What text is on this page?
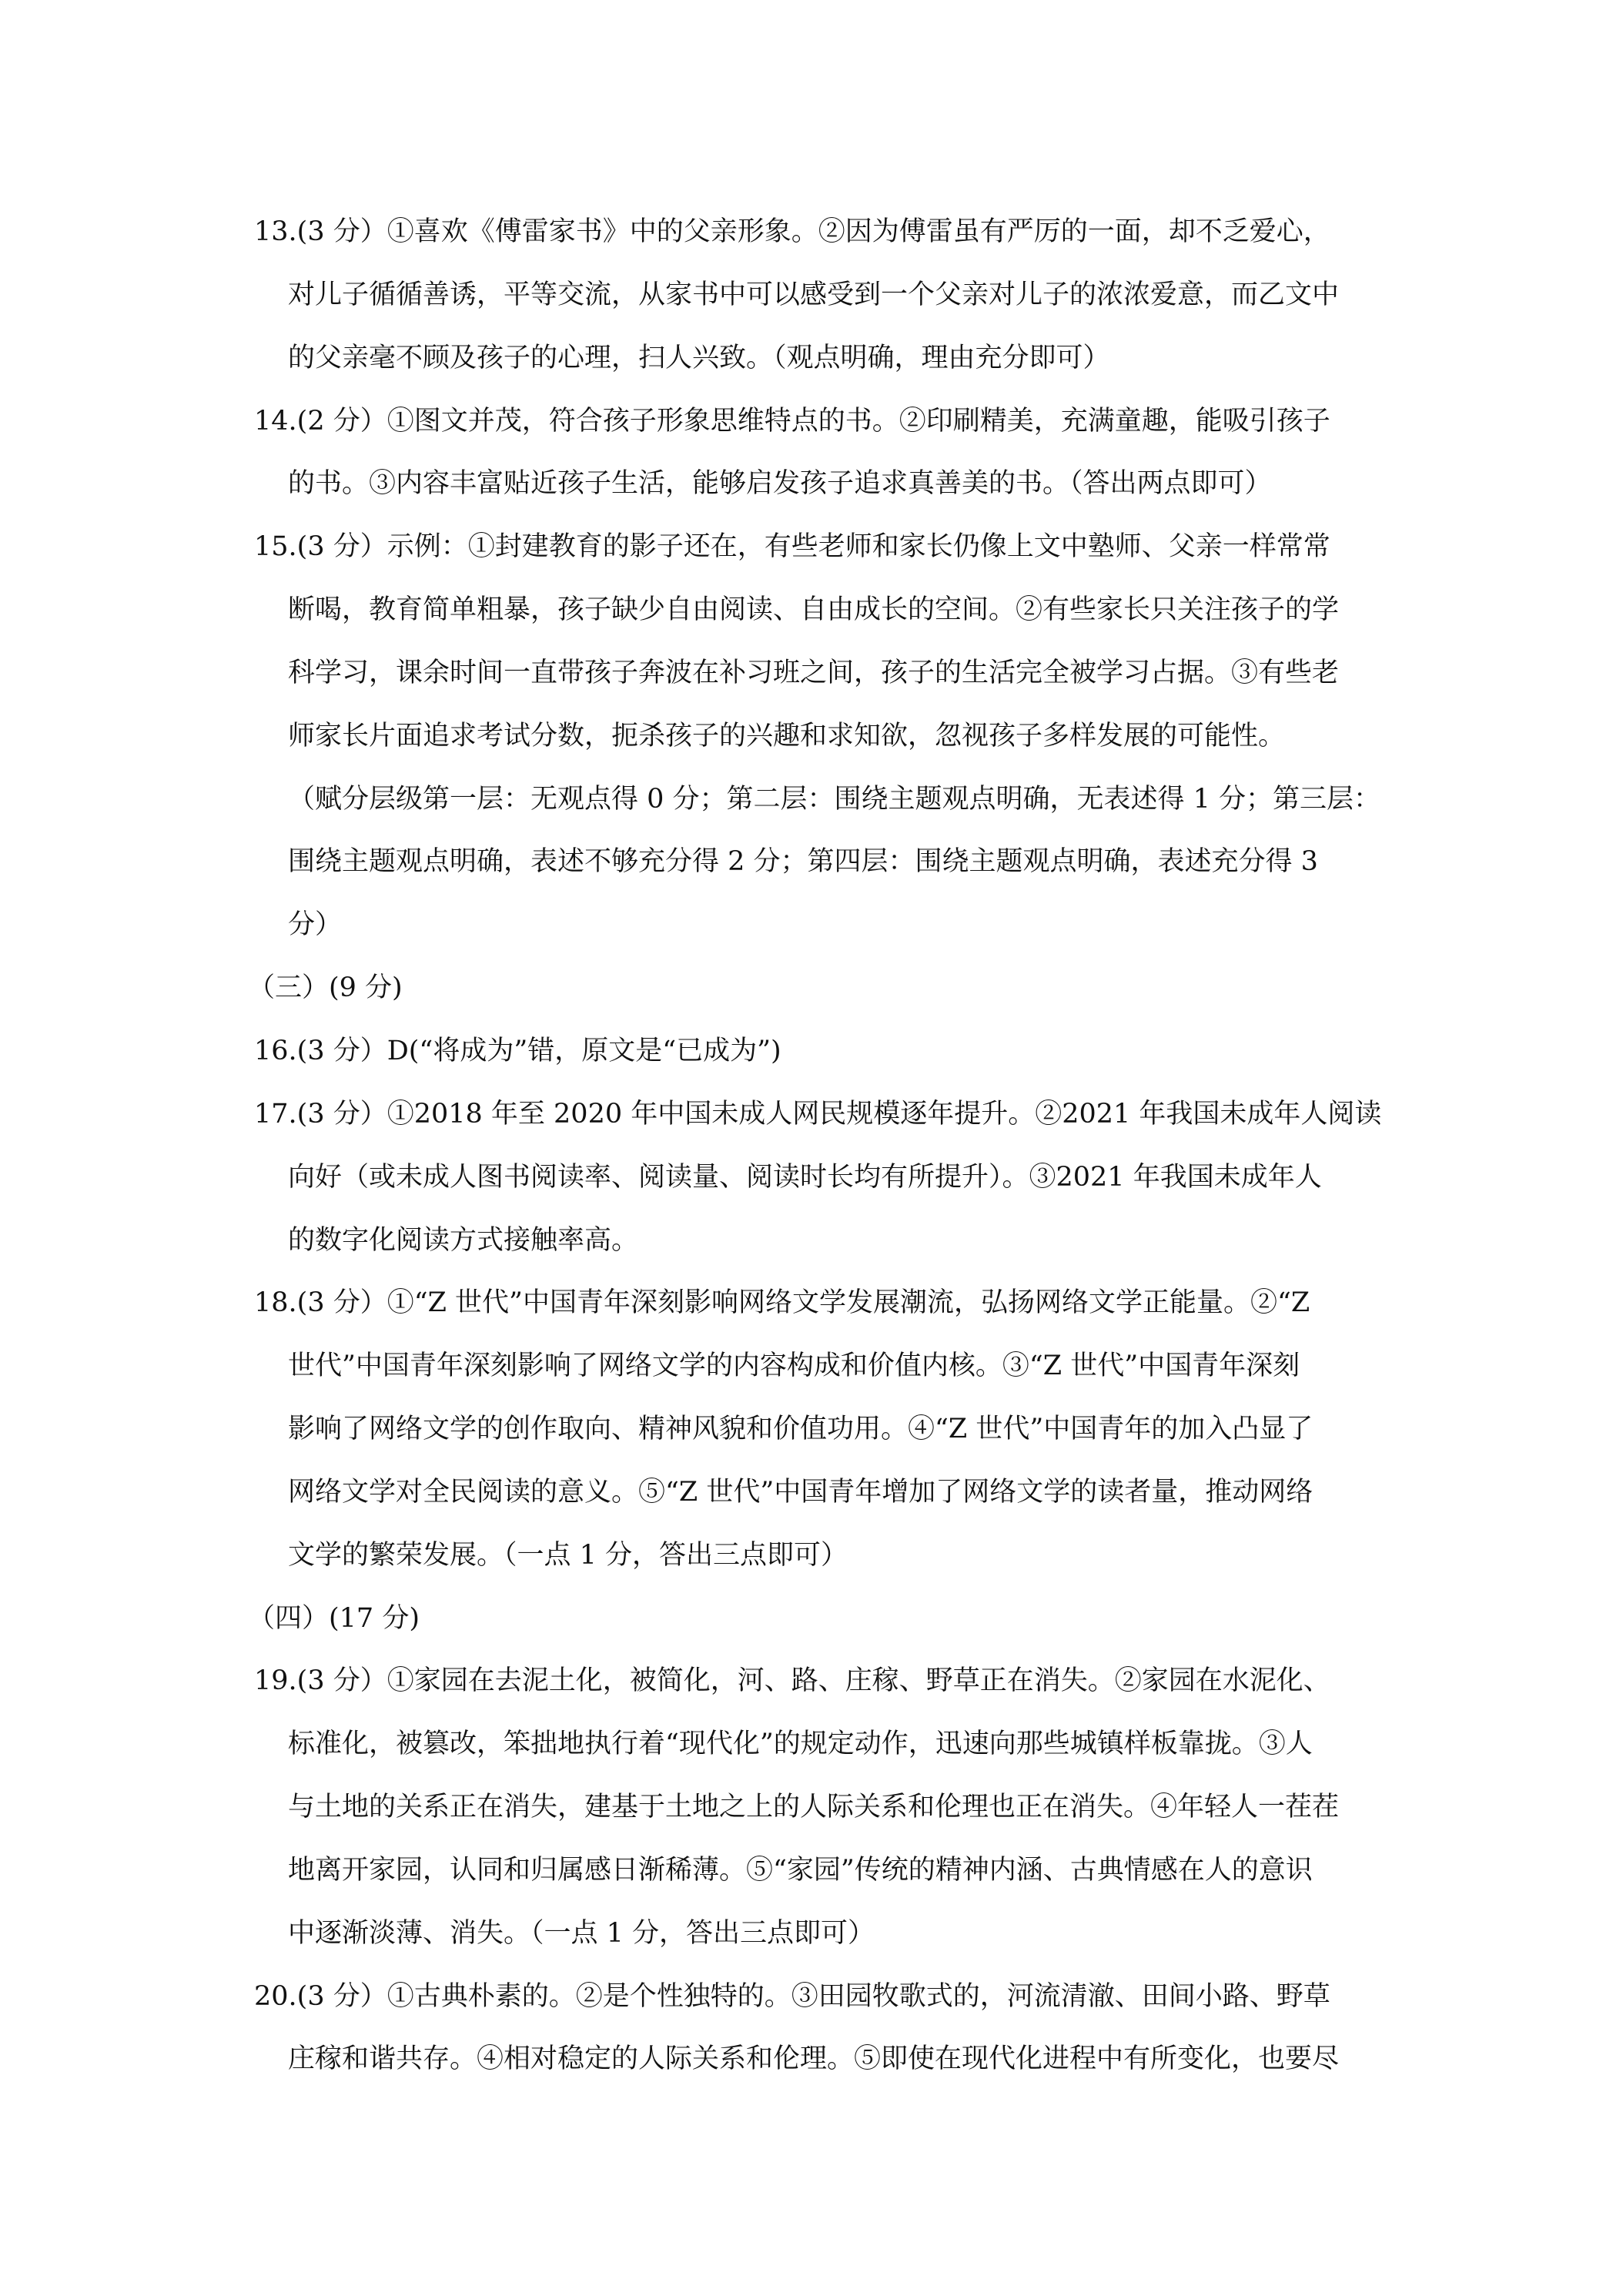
13.(3 分）①喜欢《傅雷家书》中的父亲形象。②因为傅雷虽有严厉的一面，却不乏爱心，
对儿子循循善诱，平等交流，从家书中可以感受到一个父亲对儿子的浓浓爱意，而乙文中
的父亲毫不顾及孩子的心理，扫人兴致。（观点明确，理由充分即可）
14.(2 分）①图文并茂，符合孩子形象思维特点的书。②印刷精美，充满童趣，能吸引孩子
的书。③内容丰富贴近孩子生活，能够启发孩子追求真善美的书。（答出两点即可）
15.(3 分）示例：①封建教育的影子还在，有些老师和家长仍像上文中塾师、父亲一样常常
断喝，教育简单粗暴，孩子缺少自由阅读、自由成长的空间。②有些家长只关注孩子的学
科学习，课余时间一直带孩子奔波在补习班之间，孩子的生活完全被学习占据。③有些老
师家长片面追求考试分数，扼杀孩子的兴趣和求知欲，忽视孩子多样发展的可能性。
（赋分层级第一层：无观点得 0 分；第二层：围绕主题观点明确，无表述得 1 分；第三层：
围绕主题观点明确，表述不够充分得 2 分；第四层：围绕主题观点明确，表述充分得 3
分）
（三）(9 分)
16.(3 分）D(“将成为”错，原文是“已成为”)
17.(3 分）①2018 年至 2020 年中国未成人网民规模逐年提升。②2021 年我国未成年人阅读
向好（或未成人图书阅读率、阅读量、阅读时长均有所提升）。③2021 年我国未成年人
的数字化阅读方式接触率高。
18.(3 分）①“Z 世代”中国青年深刻影响网络文学发展潮流，弘扬网络文学正能量。②“Z
世代”中国青年深刻影响了网络文学的内容构成和价值内核。③“Z 世代”中国青年深刻
影响了网络文学的创作取向、精神风貌和价值功用。④“Z 世代”中国青年的加入凸显了
网络文学对全民阅读的意义。⑤“Z 世代”中国青年增加了网络文学的读者量，推动网络
文学的繁荣发展。（一点 1 分，答出三点即可）
（四）(17 分)
19.(3 分）①家园在去泥土化，被简化，河、路、庄稼、野草正在消失。②家园在水泥化、
标准化，被篡改，笨拙地执行着“现代化”的规定动作，迅速向那些城镇样板靠拢。③人
与土地的关系正在消失，建基于土地之上的人际关系和伦理也正在消失。④年轻人一茬茬
地离开家园，认同和归属感日渐稀薄。⑤“家园”传统的精神内涵、古典情感在人的意识
中逐渐淡薄、消失。（一点 1 分，答出三点即可）
20.(3 分）①古典朴素的。②是个性独特的。③田园牧歌式的，河流清澈、田间小路、野草
庄稼和谐共存。④相对稳定的人际关系和伦理。⑤即使在现代化进程中有所变化，也要尽
